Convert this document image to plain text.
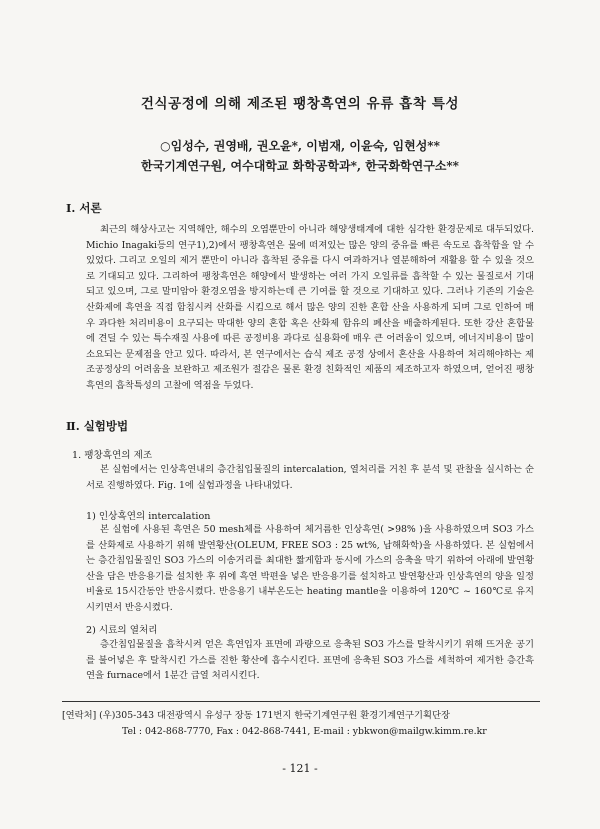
건식공정에 의해 제조된 팽창흑연의 유류 흡착 특성
○임성수, 권영배, 권오윤*, 이범재, 이윤숙, 임현성**
한국기계연구원, 여수대학교 화학공학과*, 한국화학연구소**
Ⅰ. 서론
최근의 해상사고는 지역해안, 해수의 오염뿐만이 아니라 해양생태계에 대한 심각한 환경문제로 대두되었다. Michio Inagaki등의 연구1),2)에서 팽창흑연은 물에 떠져있는 많은 양의 중유를 빠른 속도로 흡착함을 알 수 있었다. 그리고 오일의 제거 뿐만이 아니라 흡착된 중유를 다시 여과하거나 열분해하여 재활용 할 수 있을 것으로 기대되고 있다. 그리하여 팽창흑연은 해양에서 발생하는 여러 가지 오일류를 흡착할 수 있는 물질로서 기대되고 있으며, 그로 말미암아 환경오염을 방지하는데 큰 기여를 할 것으로 기대하고 있다. 그러나 기존의 기술은 산화제에 흑연을 직접 함침시켜 산화를 시킴으로 해서 많은 양의 진한 혼합 산을 사용하게 되며 그로 인하여 매우 과다한 처리비용이 요구되는 막대한 양의 혼합 혹은 산화제 함유의 폐산을 배출하게된다. 또한 강산 혼합물에 견딜 수 있는 특수재질 사용에 따른 공정비용 과다로 실용화에 매우 큰 어려움이 있으며, 에너지비용이 많이 소요되는 문제점을 안고 있다. 따라서, 본 연구에서는 습식 제조 공정 상에서 혼산을 사용하여 처리해야하는 제조공정상의 어려움을 보완하고 제조원가 절감은 물론 환경 친화적인 제품의 제조하고자 하였으며, 얻어진 팽창흑연의 흡착특성의 고찰에 역점을 두었다.
Ⅱ. 실험방법
1. 팽창흑연의 제조
본 실험에서는 인상흑연내의 층간침입물질의 intercalation, 열처리를 거친 후 분석 및 관찰을 실시하는 순서로 진행하였다. Fig. 1에 실험과정을 나타내었다.
1) 인상흑연의 intercalation
본 실험에 사용된 흑연은 50 mesh체를 사용하여 체거름한 인상흑연( >98% )을 사용하였으며 SO3 가스를 산화제로 사용하기 위해 발연황산(OLEUM, FREE SO3 : 25 wt%, 납해화학)을 사용하였다. 본 실험에서는 층간침입물질인 SO3 가스의 이송거리를 최대한 짧게함과 동시에 가스의 응축을 막기 위하여 아래에 발연황산을 담은 반응용기를 설치한 후 위에 흑연 박편을 넣은 반응용기를 설치하고 발연황산과 인상흑연의 양을 일정 비율로 15시간동안 반응시켰다. 반응용기 내부온도는 heating mantle을 이용하여 120℃ ~ 160℃로 유지시키면서 반응시켰다.
2) 시료의 열처리
층간침입물질을 흡착시켜 얻은 흑연입자 표면에 과량으로 응축된 SO3 가스를 탈착시키기 위해 뜨거운 공기를 불어넣은 후 탈착시킨 가스를 진한 황산에 흡수시킨다. 표면에 응축된 SO3 가스를 세척하여 제거한 층간흑연을 furnace에서 1분간 급열 처리시킨다.
[연락처] (우)305-343 대전광역시 유성구 장동 171번지 한국기계연구원 환경기계연구기획단장
Tel : 042-868-7770, Fax : 042-868-7441, E-mail : ybkwon@mailgw.kimm.re.kr
- 121 -
